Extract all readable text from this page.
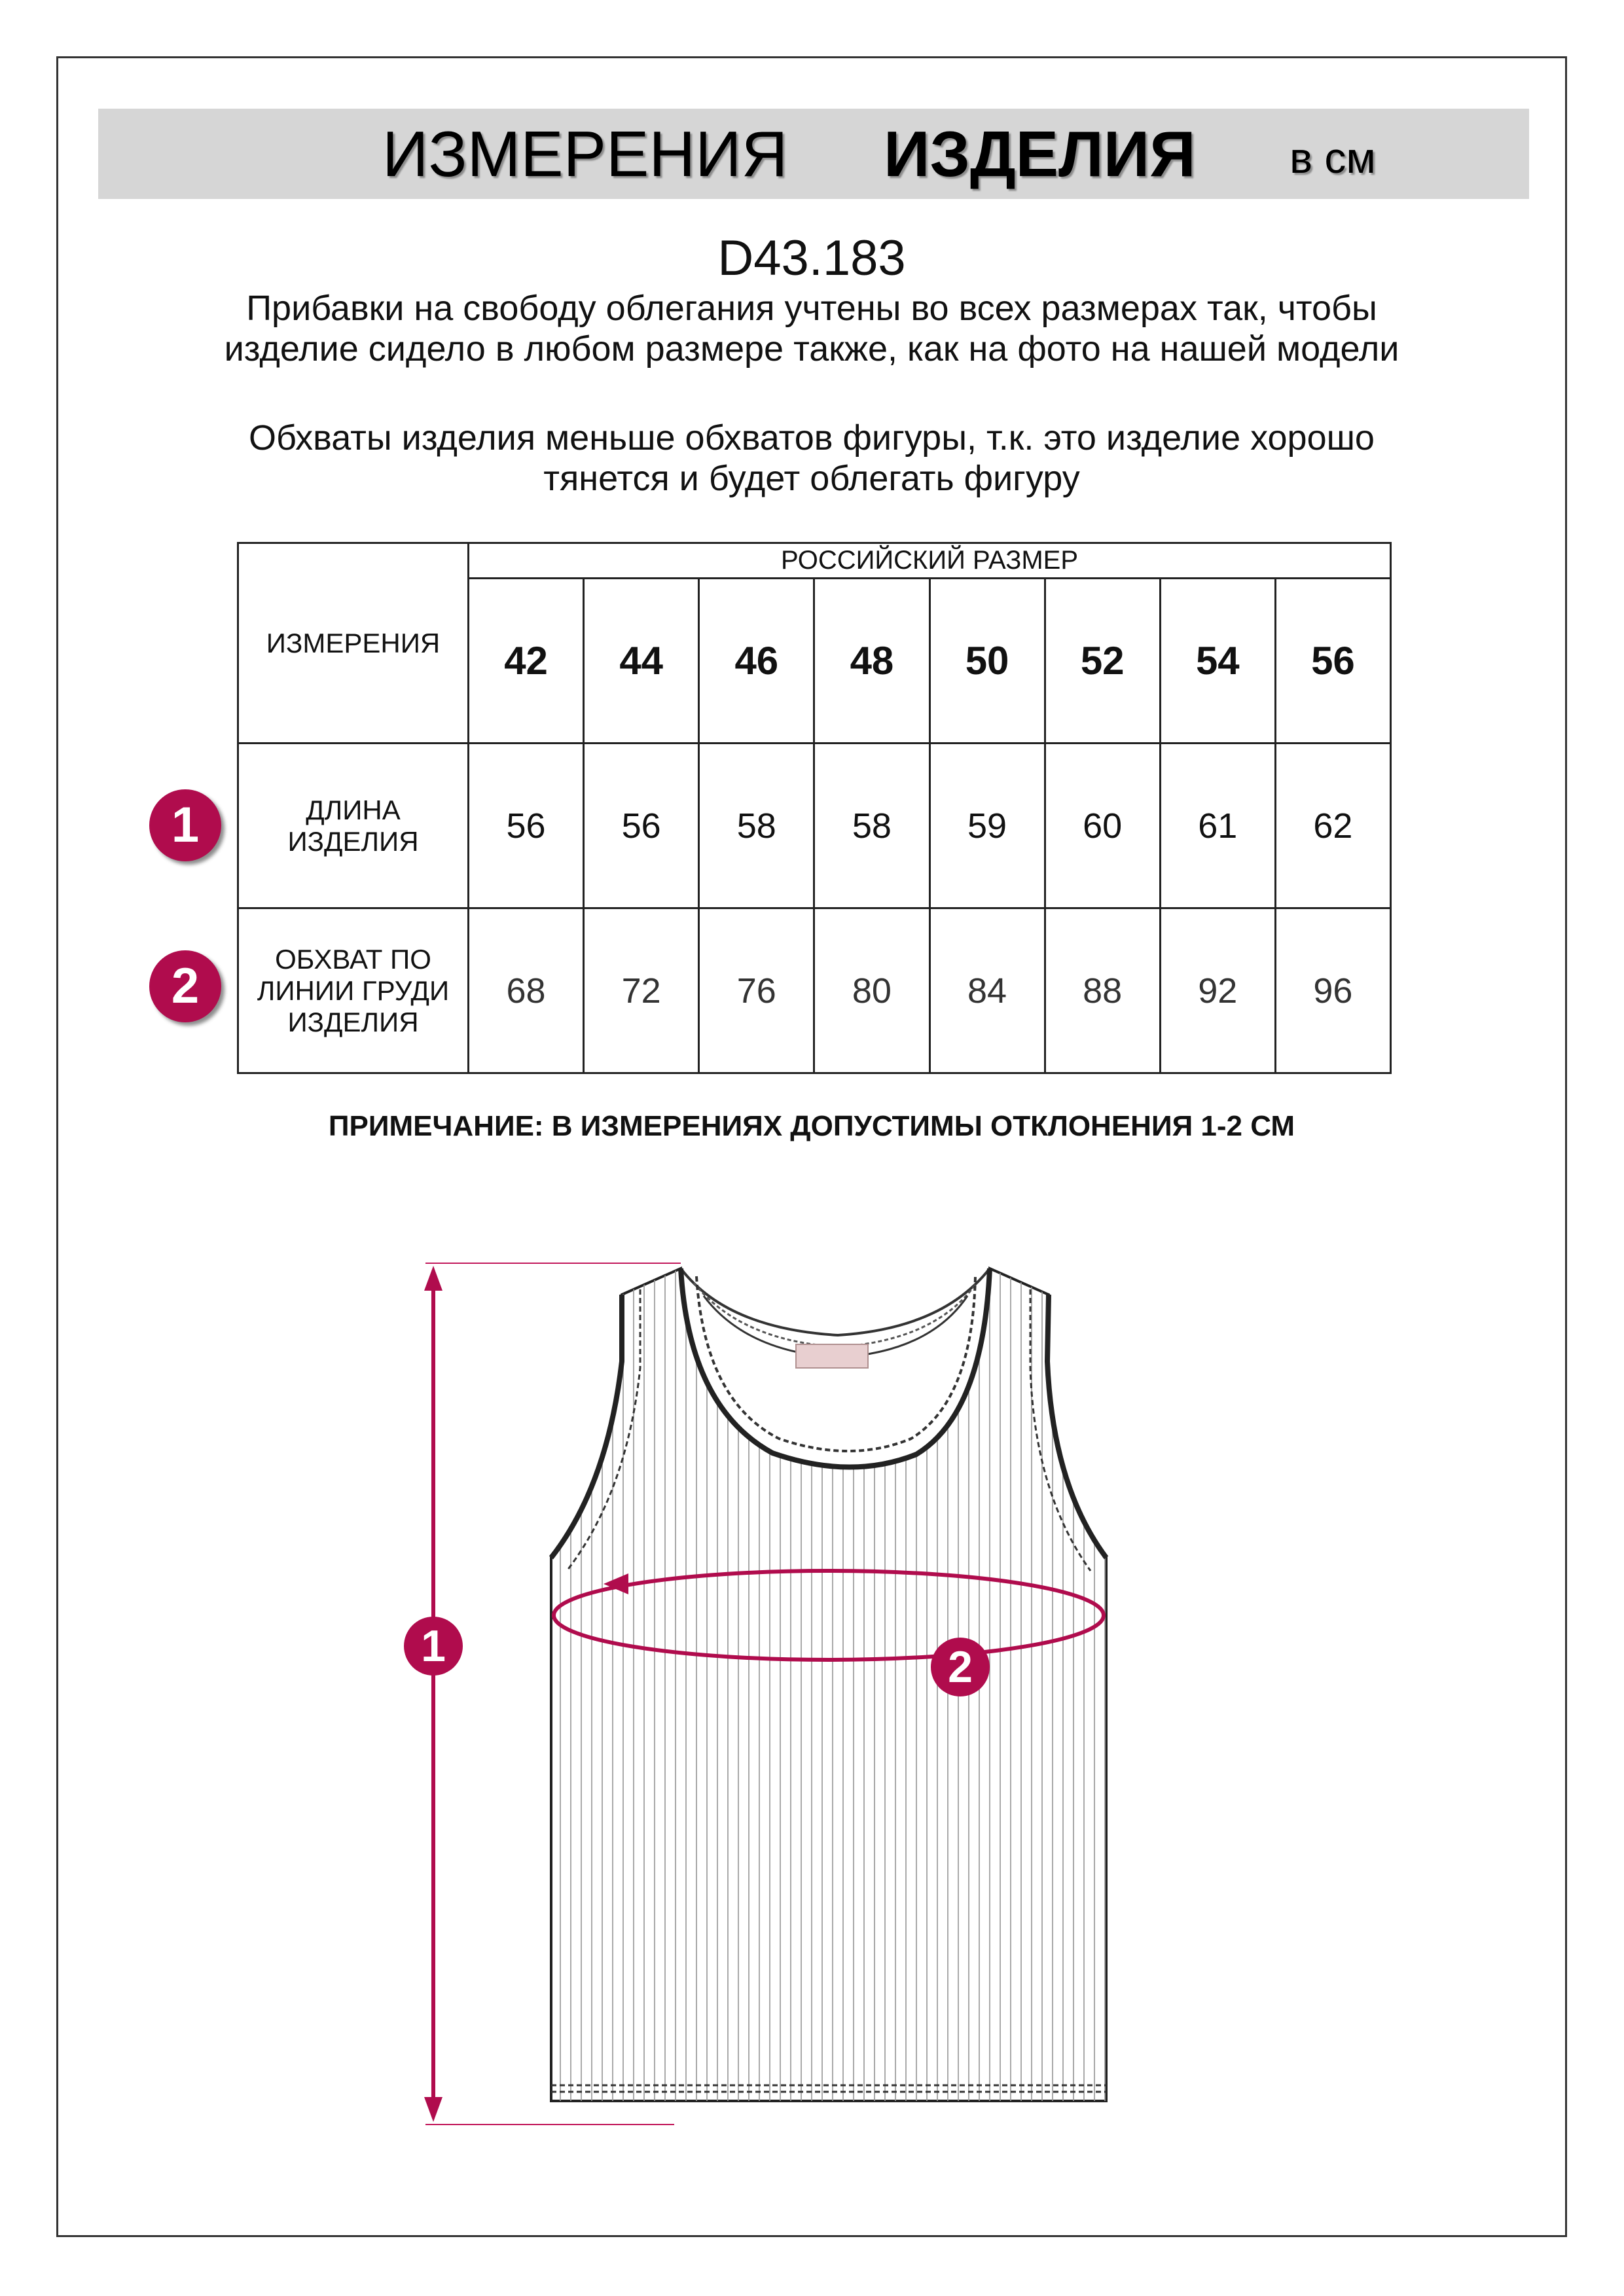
ИЗМЕРЕНИЯ ИЗДЕЛИЯ в см
D43.183
Прибавки на свободу облегания учтены во всех размерах так, чтобы изделие сидело в любом размере также, как на фото на нашей модели
Обхваты изделия меньше обхватов фигуры, т.к. это изделие хорошо тянется и будет облегать фигуру
ИЗМЕРЕНИЯ	РОССИЙСКИЙ РАЗМЕР							
	42	44	46	48	50	52	54	56
ДЛИНА ИЗДЕЛИЯ	56	56	58	58	59	60	61	62
ОБХВАТ ПО ЛИНИИ ГРУДИ ИЗДЕЛИЯ	68	72	76	80	84	88	92	96
1
2
ПРИМЕЧАНИЕ: В ИЗМЕРЕНИЯХ ДОПУСТИМЫ ОТКЛОНЕНИЯ 1-2 СМ
1	2
